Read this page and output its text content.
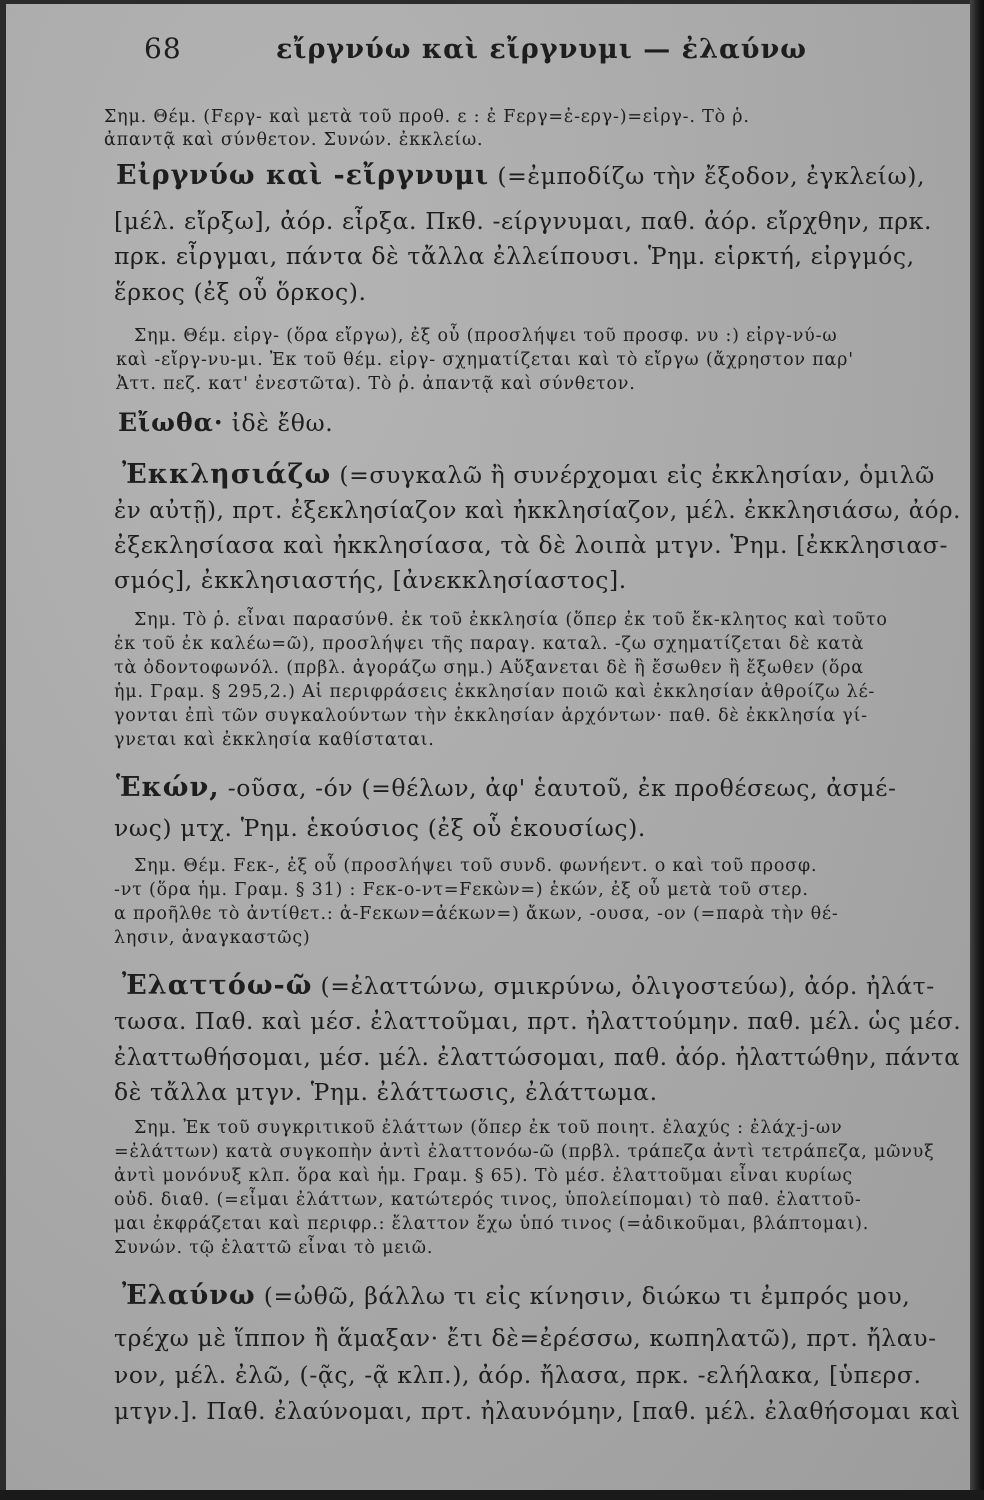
68	εἴργνύω καὶ εἴργνυμι — ἐλαύνω
Σημ. Θέμ. (Fεργ- καὶ μετὰ τοῦ προθ. ε : ἐ Fεργ=ἐ-εργ-)=εἰργ-. Τὸ ῥ.
ἀπαντᾷ καὶ σύνθετον. Συνών. ἐκκλείω.
Εἰργνύω καὶ -εἴργνυμι (=ἐμποδίζω τὴν ἔξοδον, ἐγκλείω),
[μέλ. εἴρξω], ἀόρ. εἶρξα. Πκθ. -είργνυμαι, παθ. ἀόρ. εἴρχθην, πρκ.
πρκ. εἶργμαι, πάντα δὲ τἄλλα ἐλλείπουσι. Ῥημ. εἱρκτή, εἰργμός,
ἕρκος (ἐξ οὗ ὅρκος).
Σημ. Θέμ. εἰργ- (ὅρα εἴργω), ἐξ οὗ (προσλήψει τοῦ προσφ. νυ :) εἰργ-νύ-ω
καὶ -εἴργ-νυ-μι. Ἐκ τοῦ θέμ. εἰργ- σχηματίζεται καὶ τὸ εἴργω (ἄχρηστον παρ'
Ἀττ. πεζ. κατ' ἐνεστῶτα). Τὸ ῥ. ἀπαντᾷ καὶ σύνθετον.
Εἴωθα· ἰδὲ ἔθω.
Ἐκκλησιάζω (=συγκαλῶ ἢ συνέρχομαι εἰς ἐκκλησίαν, ὁμιλῶ
ἐν αὐτῇ), πρτ. ἐξεκλησίαζον καὶ ἠκκλησίαζον, μέλ. ἐκκλησιάσω, ἀόρ.
ἐξεκλησίασα καὶ ἠκκλησίασα, τὰ δὲ λοιπὰ μτγν. Ῥημ. [ἐκκλησιασ-
σμός], ἐκκλησιαστής, [ἀνεκκλησίαστος].
Σημ. Τὸ ῥ. εἶναι παρασύνθ. ἐκ τοῦ ἐκκλησία (ὅπερ ἐκ τοῦ ἔκ-κλητος καὶ τοῦτο
ἐκ τοῦ ἐκ καλέω=ῶ), προσλήψει τῆς παραγ. καταλ. -ζω σχηματίζεται δὲ κατὰ
τὰ ὀδοντοφωνόλ. (πρβλ. ἀγοράζω σημ.) Αὔξανεται δὲ ἢ ἔσωθεν ἢ ἔξωθεν (ὅρα
ἡμ. Γραμ. § 295,2.) Αἱ περιφράσεις ἐκκλησίαν ποιῶ καὶ ἐκκλησίαν ἀθροίζω λέ-
γονται ἐπὶ τῶν συγκαλούντων τὴν ἐκκλησίαν ἀρχόντων· παθ. δὲ ἐκκλησία γί-
γνεται καὶ ἐκκλησία καθίσταται.
Ἑκών, -οῦσα, -όν (=θέλων, ἀφ' ἑαυτοῦ, ἐκ προθέσεως, ἀσμέ-
νως) μτχ. Ῥημ. ἑκούσιος (ἐξ οὗ ἑκουσίως).
Σημ. Θέμ. Fεκ-, ἐξ οὗ (προσλήψει τοῦ συνδ. φωνήεντ. ο καὶ τοῦ προσφ.
-ντ (ὅρα ἡμ. Γραμ. § 31) : Fεκ-ο-ντ=Fεκὼν=) ἑκών, ἐξ οὗ μετὰ τοῦ στερ.
α προῆλθε τὸ ἀντίθετ.: ἀ-Fεκων=ἀέκων=) ἄκων, -ουσα, -ον (=παρὰ τὴν θέ-
λησιν, ἀναγκαστῶς)
Ἐλαττόω-ῶ (=ἐλαττώνω, σμικρύνω, ὀλιγοστεύω), ἀόρ. ἠλάτ-
τωσα. Παθ. καὶ μέσ. ἐλαττοῦμαι, πρτ. ἠλαττούμην. παθ. μέλ. ὡς μέσ.
ἐλαττωθήσομαι, μέσ. μέλ. ἐλαττώσομαι, παθ. ἀόρ. ἠλαττώθην, πάντα
δὲ τἄλλα μτγν. Ῥημ. ἐλάττωσις, ἐλάττωμα.
Σημ. Ἐκ τοῦ συγκριτικοῦ ἐλάττων (ὅπερ ἐκ τοῦ ποιητ. ἐλαχύς : ἐλάχ-j-ων
=ἐλάττων) κατὰ συγκοπὴν ἀντὶ ἐλαττονόω-ῶ (πρβλ. τράπεζα ἀντὶ τετράπεζα, μῶνυξ
ἀντὶ μονόνυξ κλπ. ὅρα καὶ ἡμ. Γραμ. § 65). Τὸ μέσ. ἐλαττοῦμαι εἶναι κυρίως
οὐδ. διαθ. (=εἶμαι ἐλάττων, κατώτερός τινος, ὑπολείπομαι) τὸ παθ. ἐλαττοῦ-
μαι ἐκφράζεται καὶ περιφρ.: ἔλαττον ἔχω ὑπό τινος (=ἀδικοῦμαι, βλάπτομαι).
Συνών. τῷ ἐλαττῶ εἶναι τὸ μειῶ.
Ἐλαύνω (=ὠθῶ, βάλλω τι εἰς κίνησιν, διώκω τι ἐμπρός μου,
τρέχω μὲ ἵππον ἢ ἅμαξαν· ἔτι δὲ=ἐρέσσω, κωπηλατῶ), πρτ. ἤλαυ-
νον, μέλ. ἐλῶ, (-ᾷς, -ᾷ κλπ.), ἀόρ. ἤλασα, πρκ. -ελήλακα, [ὑπερσ.
μτγν.]. Παθ. ἐλαύνομαι, πρτ. ἠλαυνόμην, [παθ. μέλ. ἐλαθήσομαι καὶ
